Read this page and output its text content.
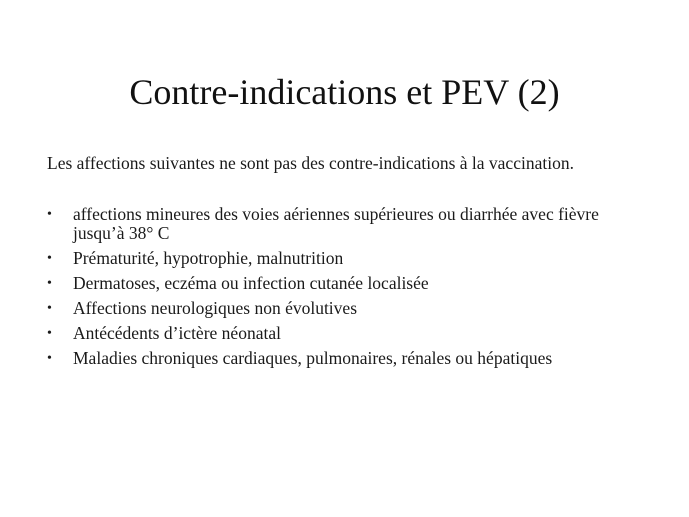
Contre-indications et PEV (2)

Les affections suivantes ne sont pas des contre-indications à la vaccination.

•	affections mineures des voies aériennes supérieures ou diarrhée avec fièvre jusqu’à 38° C
•	Prématurité, hypotrophie, malnutrition
•	Dermatoses, eczéma ou infection cutanée localisée
•	Affections neurologiques non évolutives
•	Antécédents d’ictère néonatal
•	Maladies chroniques cardiaques, pulmonaires, rénales ou hépatiques
